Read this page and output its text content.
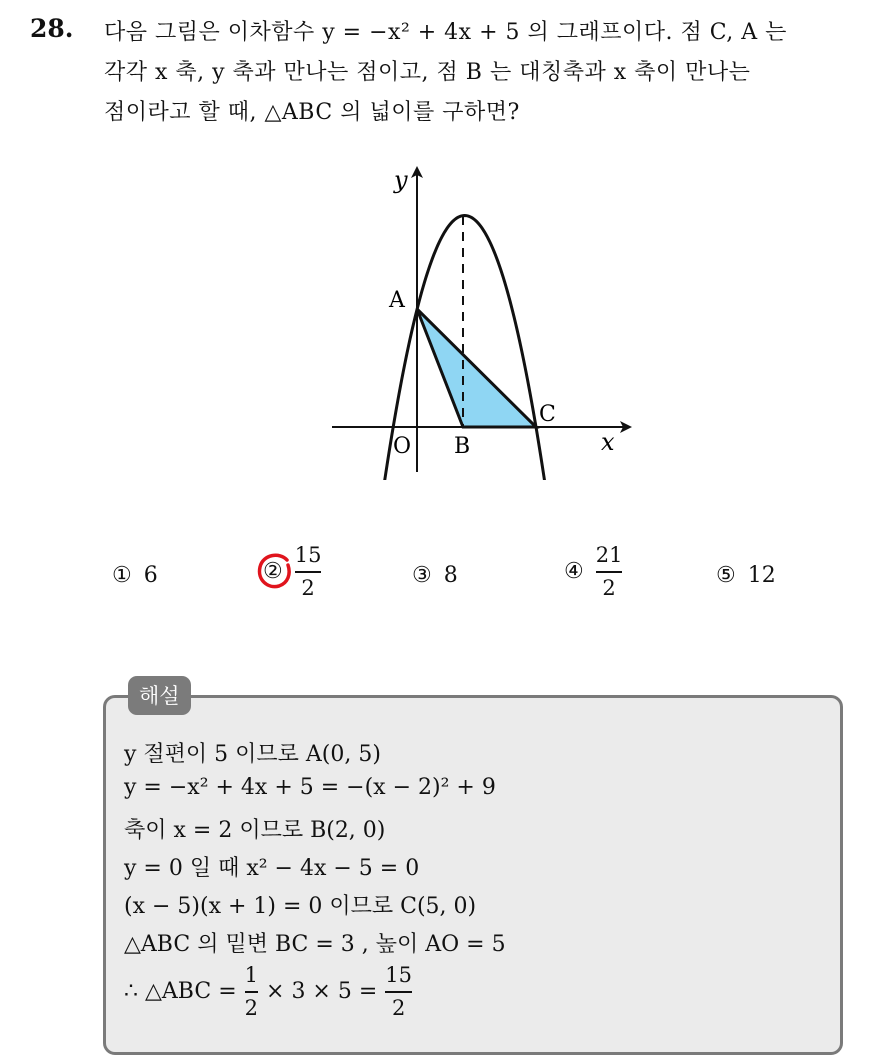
28. 다음 그림은 이차함수 y = −x² + 4x + 5 의 그래프이다. 점 C, A 는
각각 x 축, y 축과 만나는 점이고, 점 B 는 대칭축과 x 축이 만나는
점이라고 할 때, △ABC 의 넓이를 구하면?
y
x
A
B
C
O
① 6	② $\frac{15}{2}$	③ 8	④ $\frac{21}{2}$	⑤ 12
해설
y 절편이 5 이므로 A(0, 5)
y = −x² + 4x + 5 = −(x − 2)² + 9
축이 x = 2 이므로 B(2, 0)
y = 0 일 때 x² − 4x − 5 = 0
(x − 5)(x + 1) = 0 이므로 C(5, 0)
△ABC 의 밑변 BC = 3 , 높이 AO = 5
∴ △ABC = $\frac{1}{2} \times 3 \times 5 = \frac{15}{2}$
